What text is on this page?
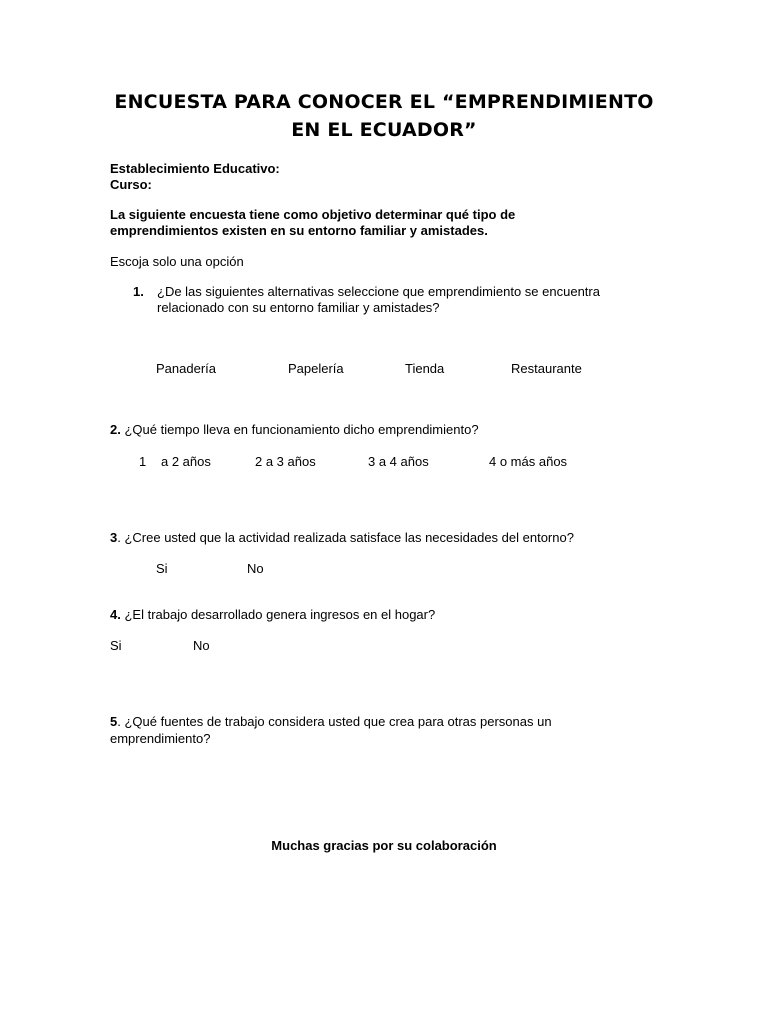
ENCUESTA PARA CONOCER EL “EMPRENDIMIENTO
EN EL ECUADOR”
Establecimiento Educativo:
Curso:
La siguiente encuesta tiene como objetivo determinar qué tipo de
emprendimientos existen en su entorno familiar y amistades.
Escoja solo una opción
1. ¿De las siguientes alternativas seleccione que emprendimiento se encuentra
relacionado con su entorno familiar y amistades?
Panadería	Papelería	Tienda	Restaurante
2. ¿Qué tiempo lleva en funcionamiento dicho emprendimiento?
1 a 2 años	2 a 3 años	3 a 4 años	4 o más años
3. ¿Cree usted que la actividad realizada satisface las necesidades del entorno?
Si	No
4. ¿El trabajo desarrollado genera ingresos en el hogar?
Si	No
5. ¿Qué fuentes de trabajo considera usted que crea para otras personas un
emprendimiento?
Muchas gracias por su colaboración
